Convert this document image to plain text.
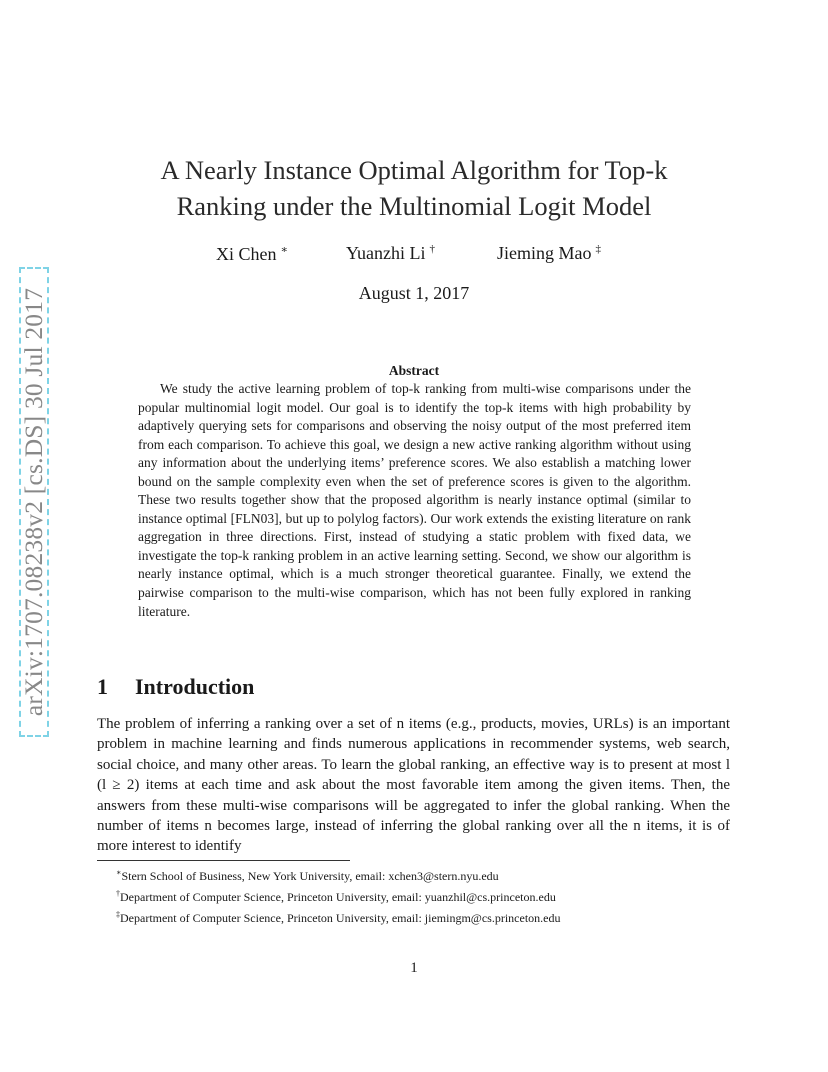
arXiv:1707.08238v2 [cs.DS] 30 Jul 2017
A Nearly Instance Optimal Algorithm for Top-k
Ranking under the Multinomial Logit Model
Xi Chen ∗	Yuanzhi Li †	Jieming Mao ‡
August 1, 2017
Abstract

We study the active learning problem of top-k ranking from multi-wise comparisons under the popular multinomial logit model. Our goal is to identify the top-k items with high probability by adaptively querying sets for comparisons and observing the noisy output of the most preferred item from each comparison. To achieve this goal, we design a new active ranking algorithm without using any information about the underlying items’ preference scores. We also establish a matching lower bound on the sample complexity even when the set of preference scores is given to the algorithm. These two results together show that the proposed algorithm is nearly instance optimal (similar to instance optimal [FLN03], but up to polylog factors). Our work extends the existing literature on rank aggregation in three directions. First, instead of studying a static problem with fixed data, we investigate the top-k ranking problem in an active learning setting. Second, we show our algorithm is nearly instance optimal, which is a much stronger theoretical guarantee. Finally, we extend the pairwise comparison to the multi-wise comparison, which has not been fully explored in ranking literature.

1 Introduction

The problem of inferring a ranking over a set of n items (e.g., products, movies, URLs) is an important problem in machine learning and finds numerous applications in recommender systems, web search, social choice, and many other areas. To learn the global ranking, an effective way is to present at most l (l ≥ 2) items at each time and ask about the most favorable item among the given items. Then, the answers from these multi-wise comparisons will be aggregated to infer the global ranking. When the number of items n becomes large, instead of inferring the global ranking over all the n items, it is of more interest to identify

∗Stern School of Business, New York University, email: xchen3@stern.nyu.edu
†Department of Computer Science, Princeton University, email: yuanzhil@cs.princeton.edu
‡Department of Computer Science, Princeton University, email: jiemingm@cs.princeton.edu
1
